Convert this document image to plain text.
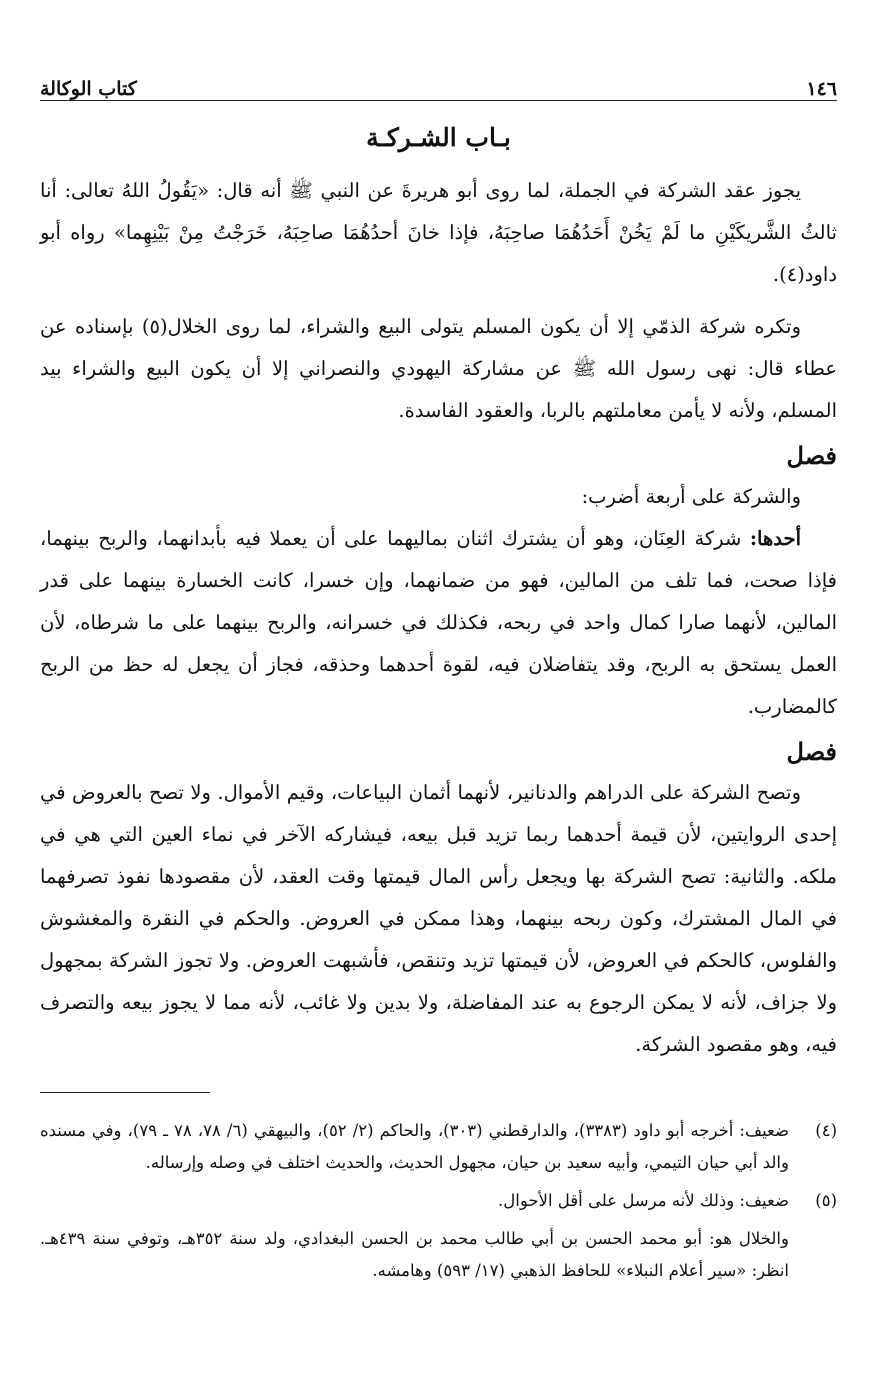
١٤٦
كتاب الوكالة
بـاب الشـركـة

يجوز عقد الشركة في الجملة، لما روى أبو هريرةَ عن النبي ﷺ أنه قال: «يَقُولُ اللهُ تعالى: أنا ثالثُ الشَّريكَيْنِ ما لَمْ يَخُنْ أَحَدُهُمَا صاحِبَهُ، فإذا خانَ أحدُهُمَا صاحِبَهُ، خَرَجْتُ مِنْ بَيْنِهِما» رواه أبو داود(٤).

وتكره شركة الذمّي إلا أن يكون المسلم يتولى البيع والشراء، لما روى الخلال(٥) بإسناده عن عطاء قال: نهى رسول الله ﷺ عن مشاركة اليهودي والنصراني إلا أن يكون البيع والشراء بيد المسلم، ولأنه لا يأمن معاملتهم بالربا، والعقود الفاسدة.

فصل

والشركة على أربعة أضرب:

أحدها: شركة العِنَان، وهو أن يشترك اثنان بماليهما على أن يعملا فيه بأبدانهما، والربح بينهما، فإذا صحت، فما تلف من المالين، فهو من ضمانهما، وإن خسرا، كانت الخسارة بينهما على قدر المالين، لأنهما صارا كمال واحد في ربحه، فكذلك في خسرانه، والربح بينهما على ما شرطاه، لأن العمل يستحق به الربح، وقد يتفاضلان فيه، لقوة أحدهما وحذقه، فجاز أن يجعل له حظ من الربح كالمضارب.

فصل

وتصح الشركة على الدراهم والدنانير، لأنهما أثمان البياعات، وقيم الأموال. ولا تصح بالعروض في إحدى الروايتين، لأن قيمة أحدهما ربما تزيد قبل بيعه، فيشاركه الآخر في نماء العين التي هي في ملكه. والثانية: تصح الشركة بها ويجعل رأس المال قيمتها وقت العقد، لأن مقصودها نفوذ تصرفهما في المال المشترك، وكون ربحه بينهما، وهذا ممكن في العروض. والحكم في النقرة والمغشوش والفلوس، كالحكم في العروض، لأن قيمتها تزيد وتنقص، فأشبهت العروض. ولا تجوز الشركة بمجهول ولا جزاف، لأنه لا يمكن الرجوع به عند المفاضلة، ولا بدين ولا غائب، لأنه مما لا يجوز بيعه والتصرف فيه، وهو مقصود الشركة.

(٤)
ضعيف: أخرجه أبو داود (٣٣٨٣)، والدارقطني (٣٠٣)، والحاكم (٢/ ٥٢)، والبيهقي (٦/ ٧٨، ٧٨ ـ ٧٩)، وفي مسنده والد أبي حيان التيمي، وأبيه سعيد بن حيان، مجهول الحديث، والحديث اختلف في وصله وإرساله.
(٥)
ضعيف: وذلك لأنه مرسل على أقل الأحوال.
والخلال هو: أبو محمد الحسن بن أبي طالب محمد بن الحسن البغدادي، ولد سنة ٣٥٢هـ، وتوفي سنة ٤٣٩هـ. انظر: «سير أعلام النبلاء» للحافظ الذهبي (١٧/ ٥٩٣) وهامشه.
